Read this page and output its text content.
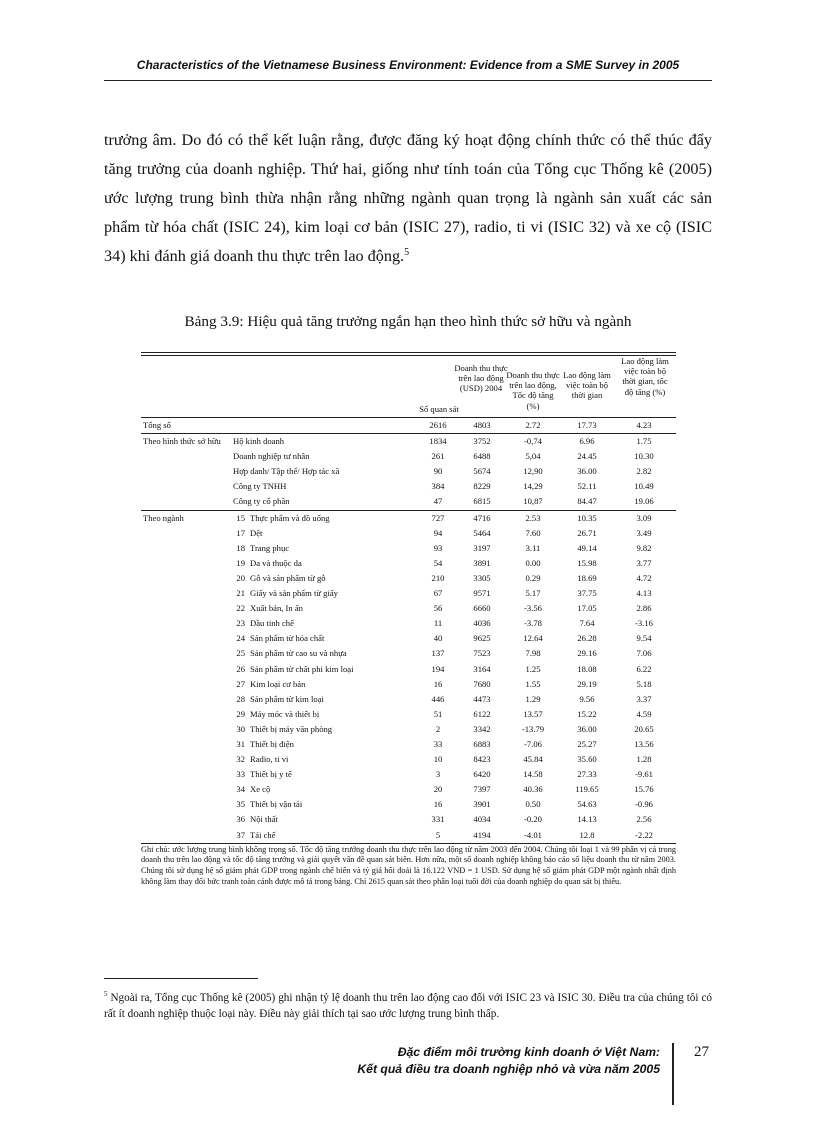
Characteristics of the Vietnamese Business Environment: Evidence from a SME Survey in 2005

trưởng âm. Do đó có thể kết luận rằng, được đăng ký hoạt động chính thức có thể thúc đẩy tăng trưởng của doanh nghiệp. Thứ hai, giống như tính toán của Tổng cục Thống kê (2005) ước lượng trung bình thừa nhận rằng những ngành quan trọng là ngành sản xuất các sản phẩm từ hóa chất (ISIC 24), kim loại cơ bản (ISIC 27), radio, ti vi (ISIC 32) và xe cộ (ISIC 34) khi đánh giá doanh thu thực trên lao động.$^5$

Bảng 3.9: Hiệu quả tăng trưởng ngắn hạn theo hình thức sở hữu và ngành
Số quan sát
Doanh thu thực trên lao động (USD) 2004
Doanh thu thực trên lao động, Tốc độ tăng (%)
Lao động làm việc toàn bộ thời gian
Lao động làm việc toàn bộ thời gian, tốc độ tăng (%)
Tổng số	2616	4803	2.72	17.73	4.23
Theo hình thức sở hữu Hộ kinh doanh	1834	3752	-0,74	6.96	1.75
Doanh nghiệp tư nhân	261	6488	5,04	24.45	10.30
Hợp danh/ Tập thể/ Hợp tác xã	90	5674	12,90	36.00	2.82
Công ty TNHH	384	8229	14,29	52.11	10.49
Công ty cổ phần	47	6815	10,87	84.47	19.06
Theo ngành	15 Thực phẩm và đồ uống	727	4716	2.53	10.35	3.09
17 Dệt	94	5464	7.60	26.71	3.49
18 Trang phục	93	3197	3.11	49.14	9.82
19 Da và thuộc da	54	3891	0.00	15.98	3.77
20 Gỗ và sản phẩm từ gỗ	210	3305	0.29	18.69	4.72
21 Giấy và sản phẩm từ giấy	67	9571	5.17	37.75	4.13
22 Xuất bản, In ấn	56	6660	-3.56	17.05	2.86
23 Dầu tinh chế	11	4036	-3.78	7.64	-3.16
24 Sản phẩm từ hóa chất	40	9625	12.64	26.28	9.54
25 Sản phẩm từ cao su và nhựa	137	7523	7.98	29.16	7.06
26 Sản phẩm từ chất phi kim loại	194	3164	1.25	18.08	6.22
27 Kim loại cơ bản	16	7680	1.55	29.19	5.18
28 Sản phẩm từ kim loại	446	4473	1.29	9.56	3.37
29 Máy móc và thiết bị	51	6122	13.57	15.22	4.59
30 Thiết bị máy văn phòng	2	3342	-13.79	36.00	20.65
31 Thiết bị điện	33	6883	-7.06	25.27	13.56
32 Radio, ti vi	10	8423	45.84	35.60	1.28
33 Thiết bị y tế	3	6420	14.58	27.33	-9.61
34 Xe cộ	20	7397	40.36	119.65	15.76
35 Thiết bị vận tải	16	3901	0.50	54.63	-0.96
36 Nội thất	331	4034	-0.20	14.13	2.56
37 Tái chế	5	4194	-4.01	12.8	-2.22

Ghi chú: ước lượng trung bình không trọng số. Tốc độ tăng trưởng doanh thu thực trên lao động từ năm 2003 đến 2004. Chúng tôi loại 1 và 99 phân vị cả trong doanh thu trên lao động và tốc độ tăng trưởng và giải quyết vấn đề quan sát biên. Hơn nữa, một số doanh nghiệp không báo cáo số liệu doanh thu từ năm 2003. Chúng tôi sử dụng hệ số giảm phát GDP trong ngành chế biến và tỷ giá hối đoái là 16.122 VNĐ = 1 USD. Sử dụng hệ số giảm phát GDP một ngành nhất định không làm thay đổi bức tranh toàn cảnh được mô tả trong bảng. Chỉ 2615 quan sát theo phân loại tuổi đời của doanh nghiệp do quan sát bị thiếu.

$^5$ Ngoài ra, Tổng cục Thống kê (2005) ghi nhận tỷ lệ doanh thu trên lao động cao đối với ISIC 23 và ISIC 30. Điều tra của chúng tôi có rất ít doanh nghiệp thuộc loại này. Điều này giải thích tại sao ước lượng trung bình thấp.

Đặc điểm môi trường kinh doanh ở Việt Nam:
Kết quả điều tra doanh nghiệp nhỏ và vừa năm 2005
27
